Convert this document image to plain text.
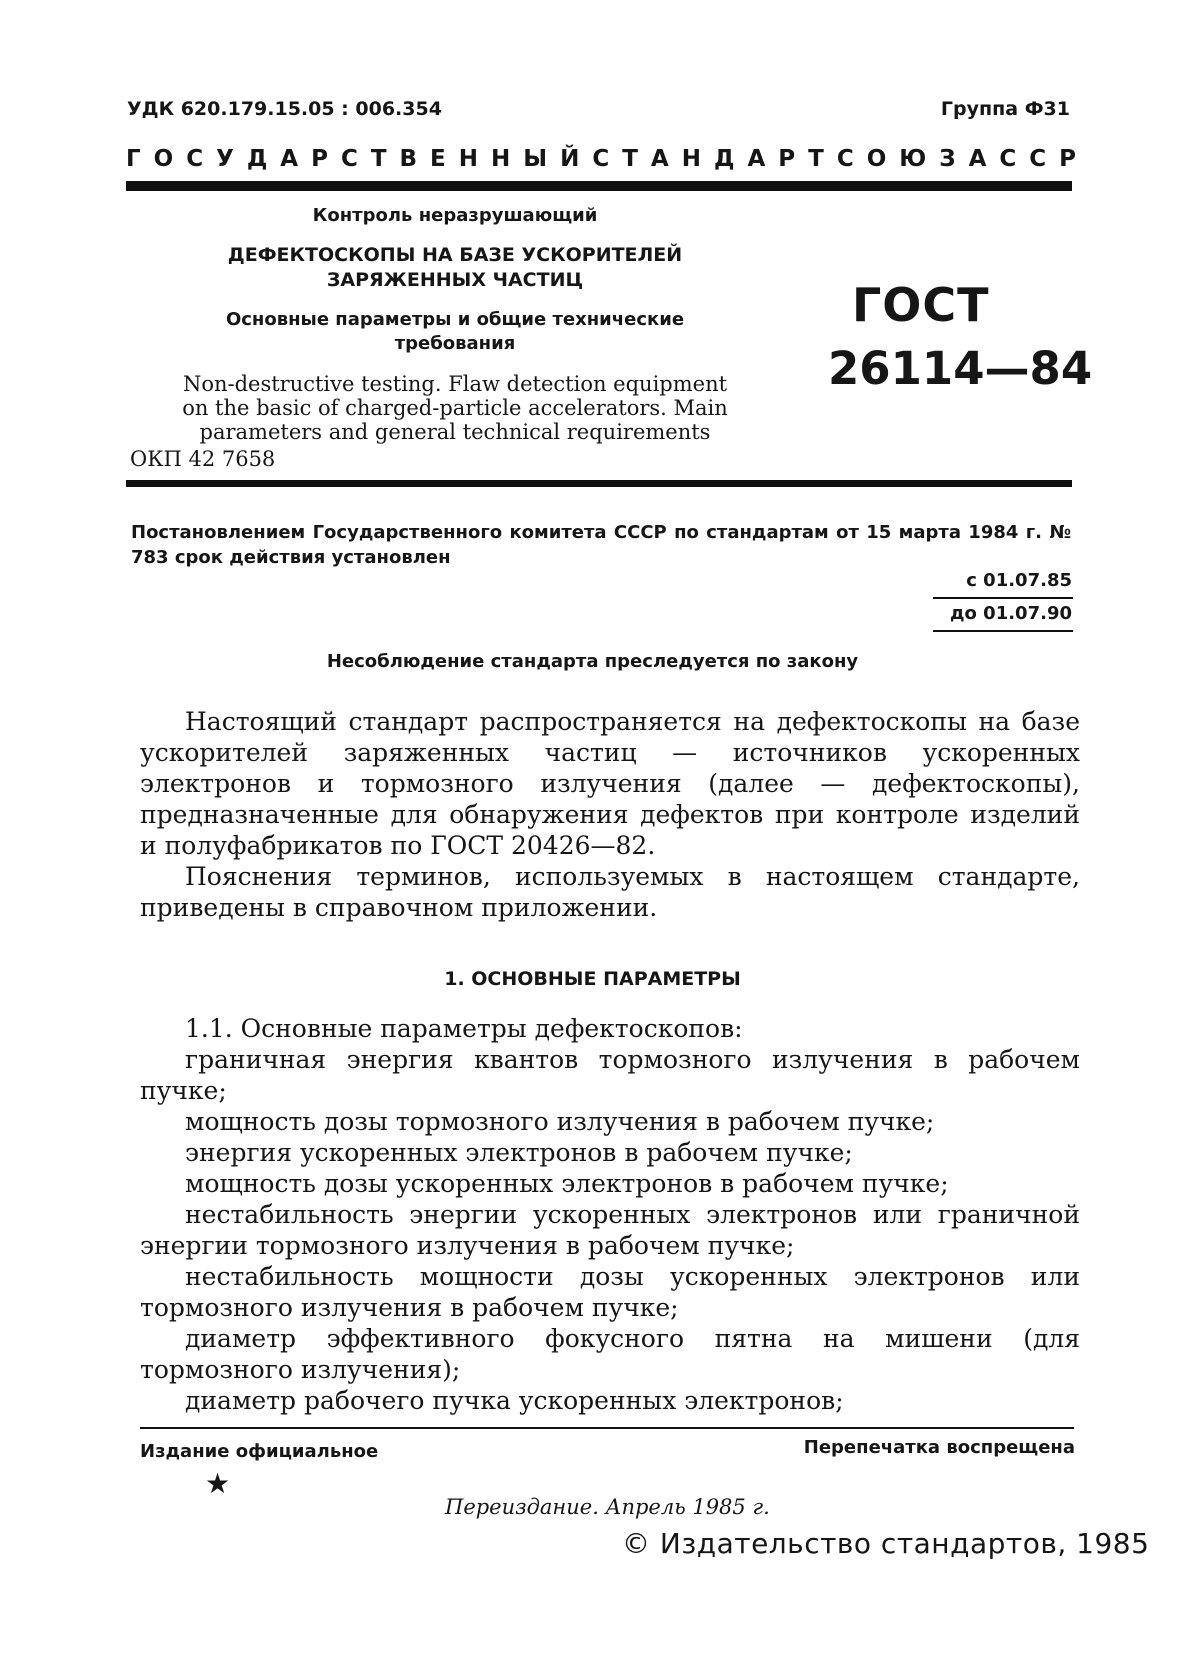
УДК 620.179.15.05 : 006.354	Группа Ф31
ГОСУДАРСТВЕННЫЙ СТАНДАРТ СОЮЗА ССР
Контроль неразрушающий
ДЕФЕКТОСКОПЫ НА БАЗЕ УСКОРИТЕЛЕЙ
ЗАРЯЖЕННЫХ ЧАСТИЦ
Основные параметры и общие технические
требования
Non-destructive testing. Flaw detection equipment
on the basic of charged-particle accelerators. Main
parameters and general technical requirements
ОКП 42 7658
ГОСТ
26114—84
Постановлением Государственного комитета СССР по стандартам от 15 марта 1984 г. № 783 срок действия установлен
с 01.07.85
до 01.07.90
Несоблюдение стандарта преследуется по закону

Настоящий стандарт распространяется на дефектоскопы на базе ускорителей заряженных частиц — источников ускоренных электронов и тормозного излучения (далее — дефектоскопы), предназначенные для обнаружения дефектов при контроле изделий и полуфабрикатов по ГОСТ 20426—82.

Пояснения терминов, используемых в настоящем стандарте, приведены в справочном приложении.

1. ОСНОВНЫЕ ПАРАМЕТРЫ

1.1. Основные параметры дефектоскопов:

граничная энергия квантов тормозного излучения в рабочем пучке;

мощность дозы тормозного излучения в рабочем пучке;

энергия ускоренных электронов в рабочем пучке;

мощность дозы ускоренных электронов в рабочем пучке;

нестабильность энергии ускоренных электронов или граничной энергии тормозного излучения в рабочем пучке;

нестабильность мощности дозы ускоренных электронов или тормозного излучения в рабочем пучке;

диаметр эффективного фокусного пятна на мишени (для тормозного излучения);

диаметр рабочего пучка ускоренных электронов;

Издание официальное
★
Перепечатка воспрещена
Переиздание. Апрель 1985 г.
© Издательство стандартов, 1985
